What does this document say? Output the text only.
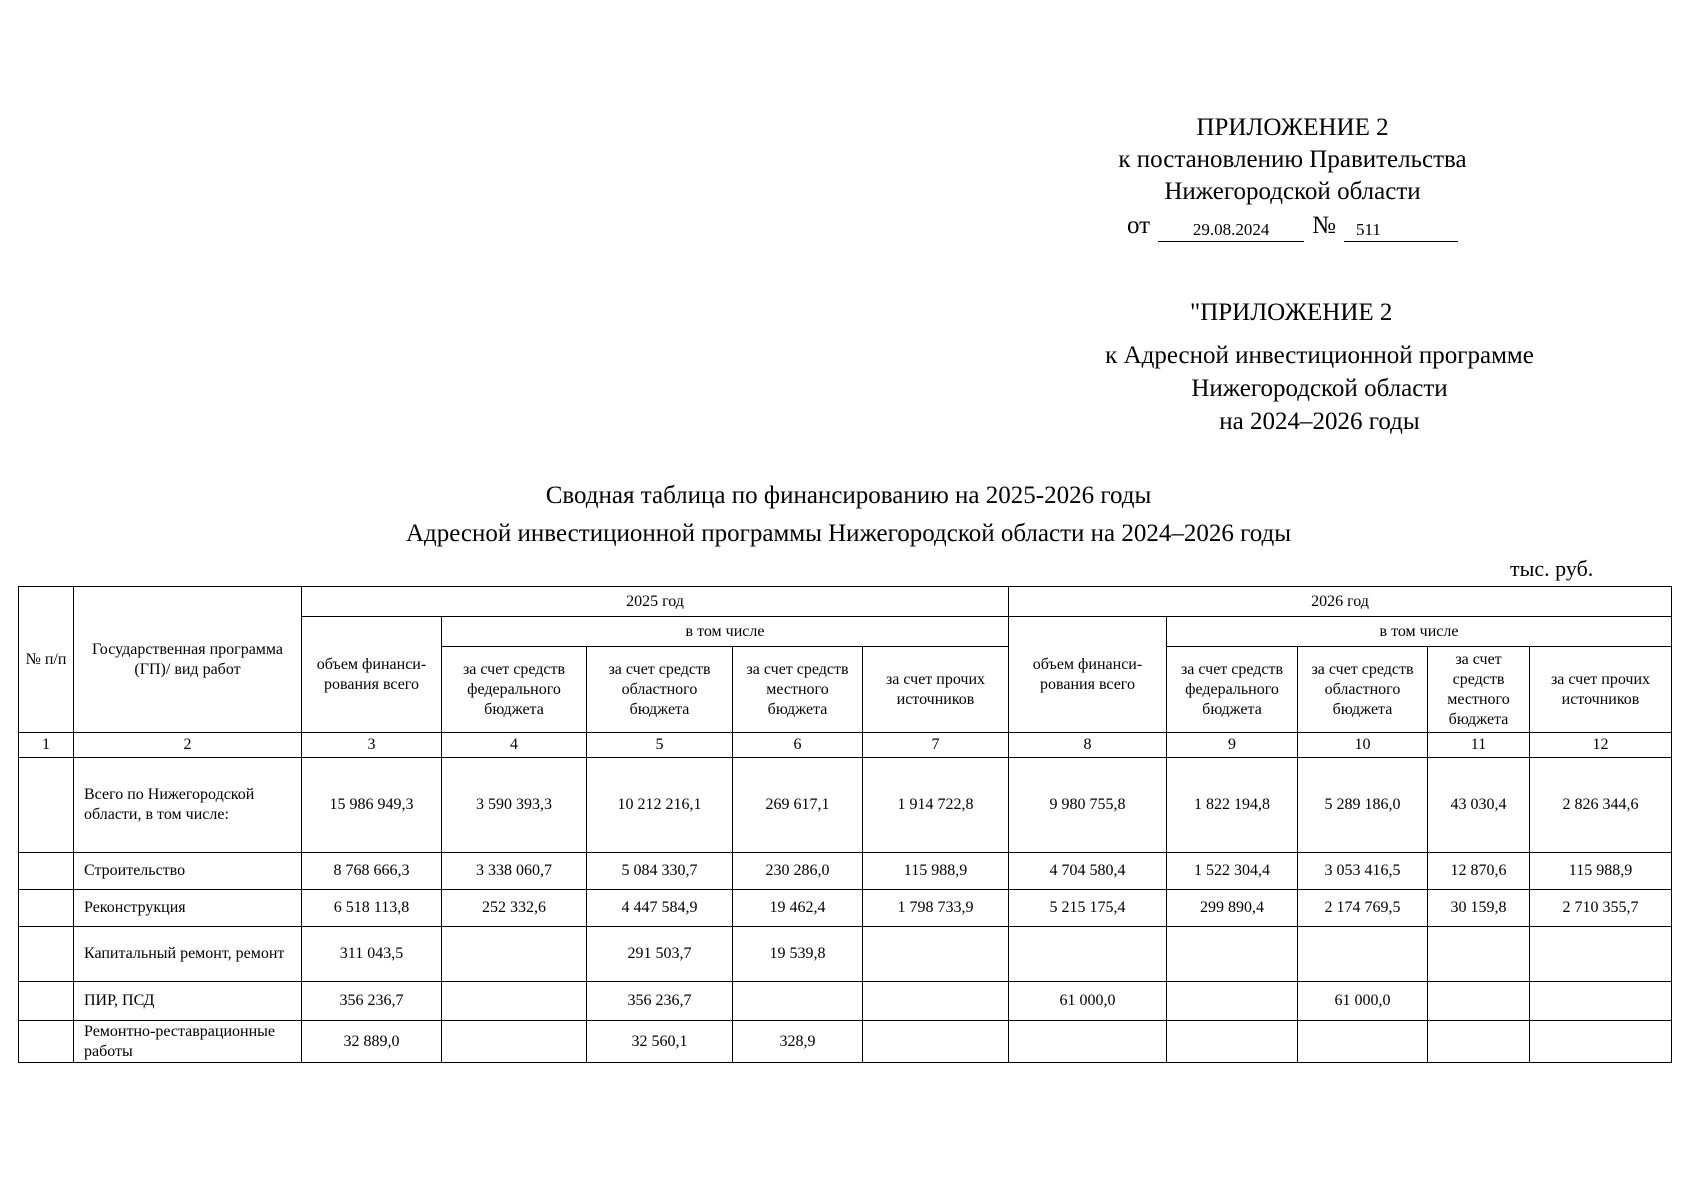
ПРИЛОЖЕНИЕ 2
к постановлению Правительства
Нижегородской области
от	29.08.2024	№	511
"ПРИЛОЖЕНИЕ 2
к Адресной инвестиционной программе
Нижегородской области
на 2024–2026 годы
Сводная таблица по финансированию на 2025-2026 годы
Адресной инвестиционной программы Нижегородской области на 2024–2026 годы
тыс. руб.
№ п/п	Государственная программа (ГП)/ вид работ	2025 год					2026 год				
		объем финанси-рования всего	в том числе				объем финанси-рования всего	в том числе			
			за счет средств федерального бюджета	за счет средств областного бюджета	за счет средств местного бюджета	за счет прочих источников		за счет средств федерального бюджета	за счет средств областного бюджета	за счет средств местного бюджета	за счет прочих источников
1	2	3	4	5	6	7	8	9	10	11	12
	Всего по Нижегородской области, в том числе:	15 986 949,3	3 590 393,3	10 212 216,1	269 617,1	1 914 722,8	9 980 755,8	1 822 194,8	5 289 186,0	43 030,4	2 826 344,6
	Строительство	8 768 666,3	3 338 060,7	5 084 330,7	230 286,0	115 988,9	4 704 580,4	1 522 304,4	3 053 416,5	12 870,6	115 988,9
	Реконструкция	6 518 113,8	252 332,6	4 447 584,9	19 462,4	1 798 733,9	5 215 175,4	299 890,4	2 174 769,5	30 159,8	2 710 355,7
	Капитальный ремонт, ремонт	311 043,5		291 503,7	19 539,8						
	ПИР, ПСД	356 236,7		356 236,7			61 000,0		61 000,0		
	Ремонтно-реставрационные работы	32 889,0		32 560,1	328,9						
